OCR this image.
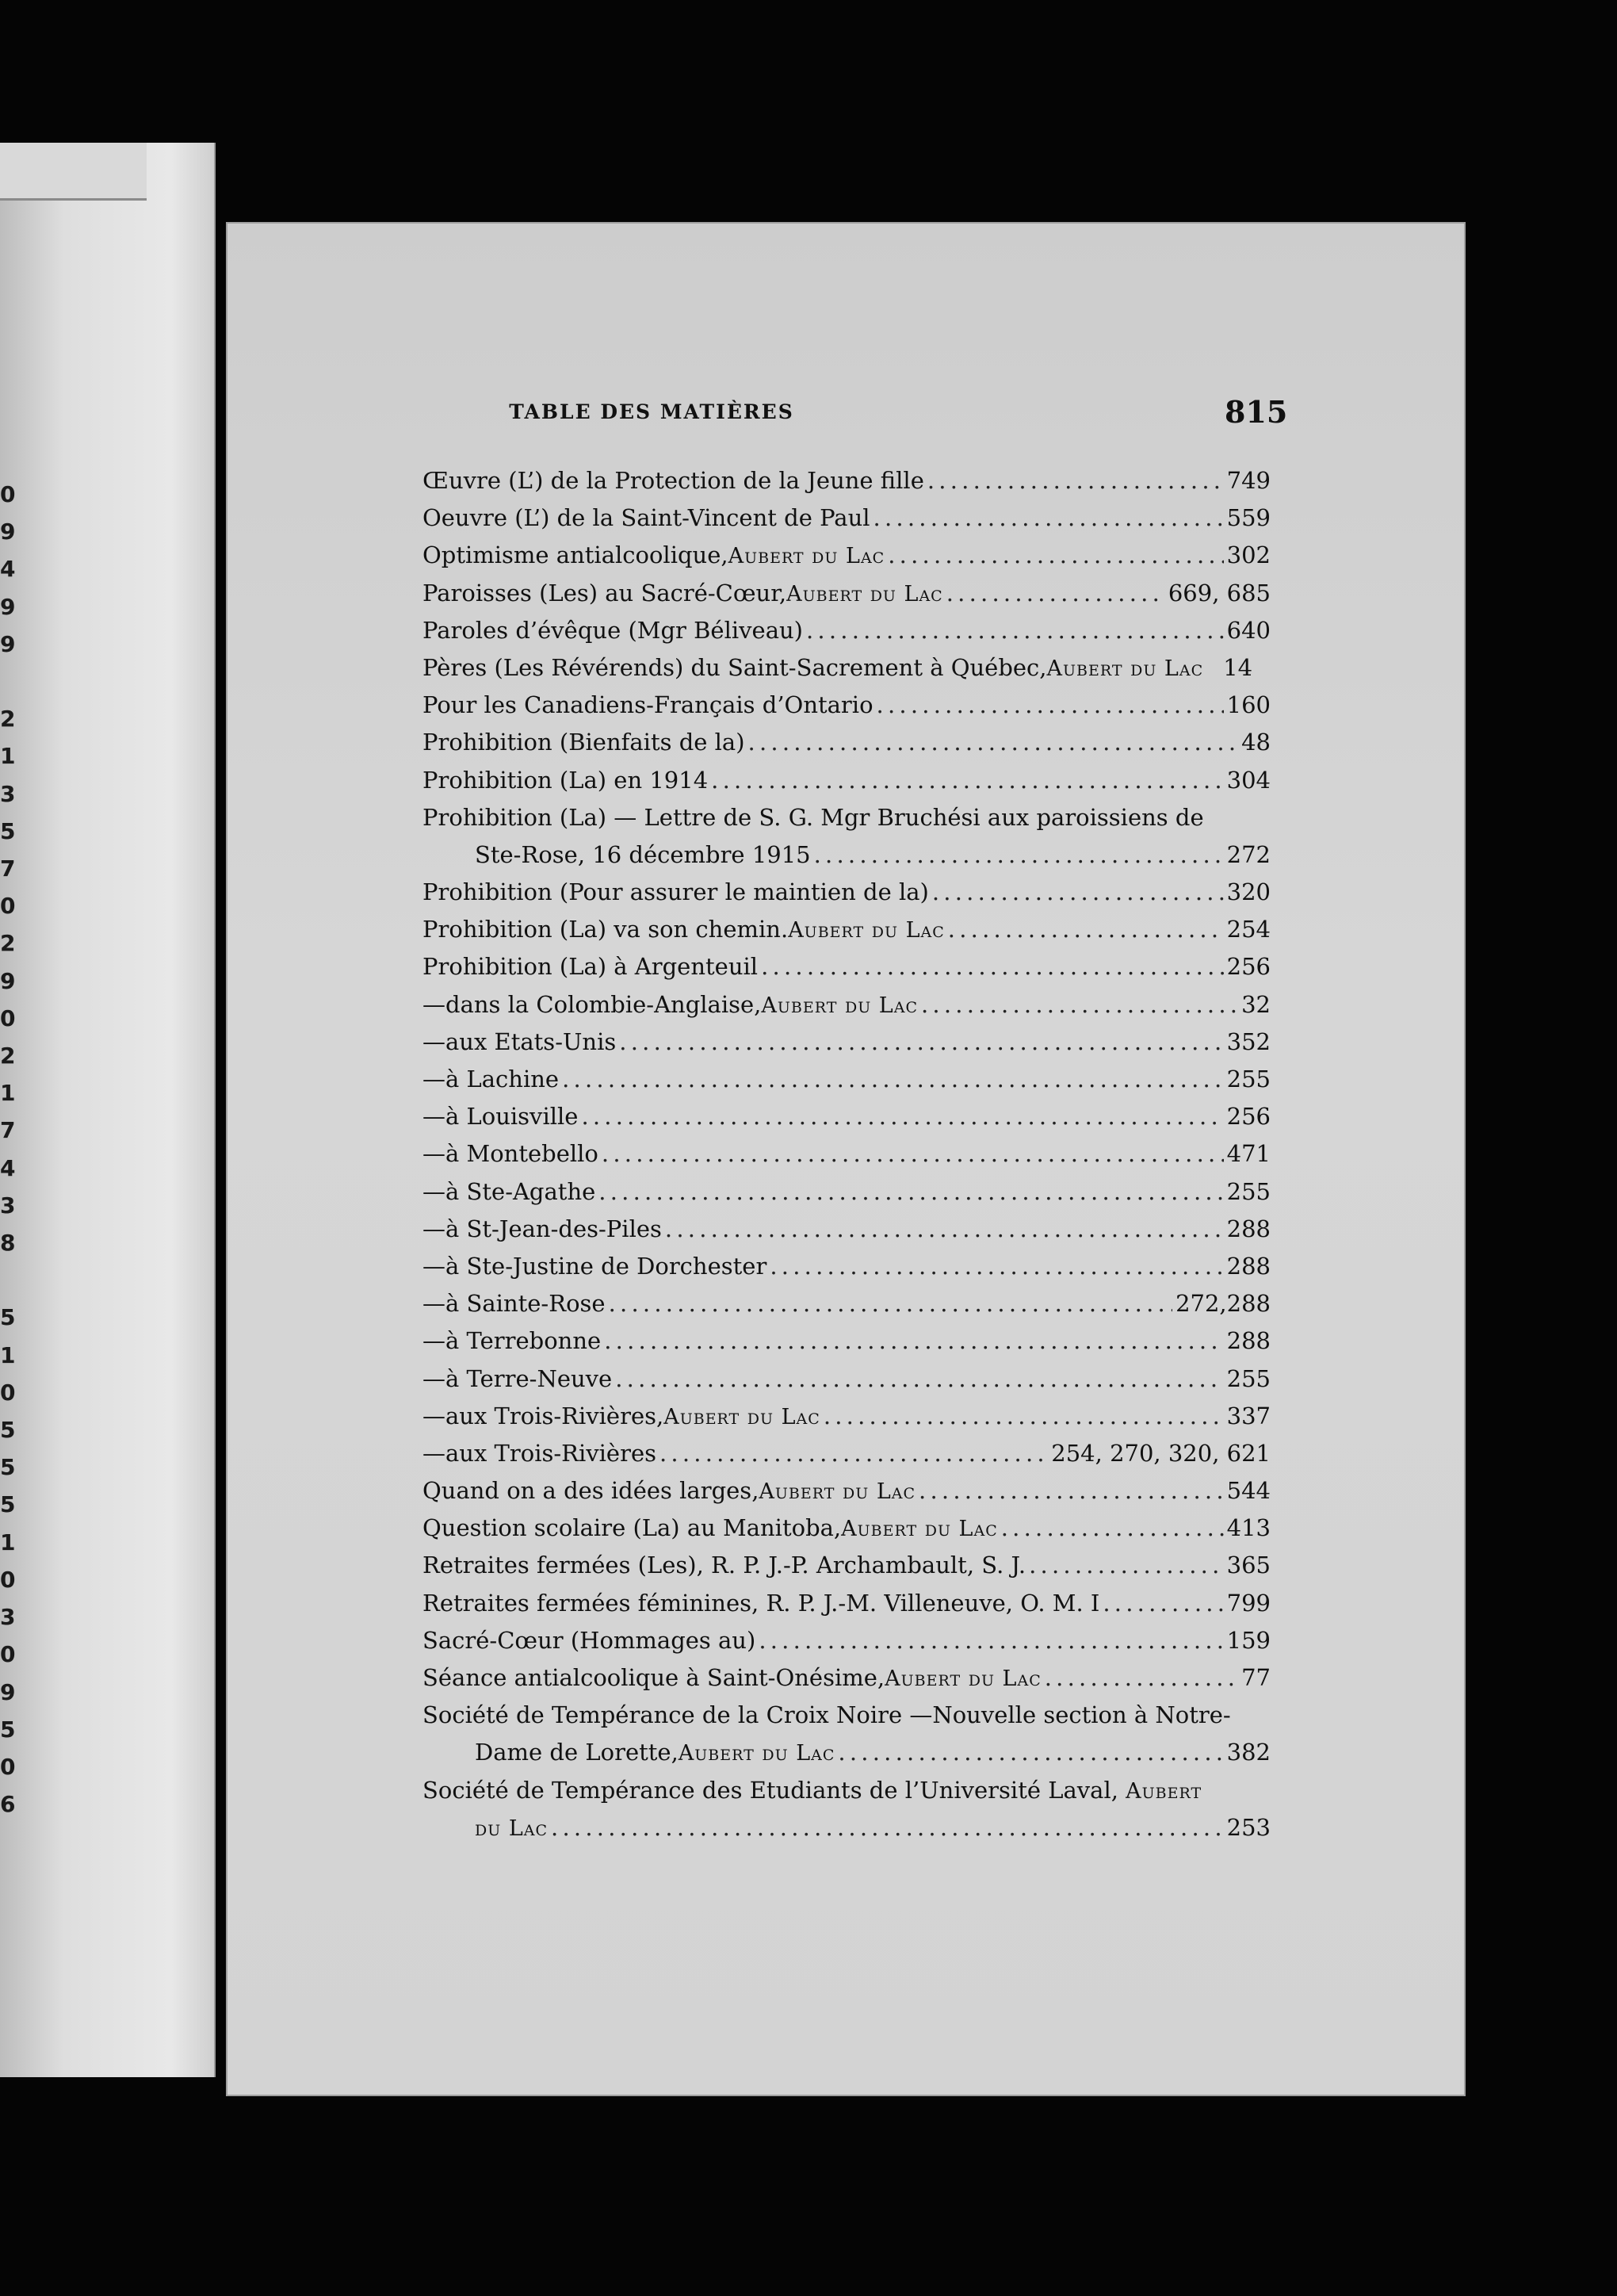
0
9
4
9
9

2
1
3
5
7
0
2
9
0
2
1
7
4
3
8

5
1
0
5
5
5
1
0
3
0
9
5
0
6
TABLE DES MATIÈRES	815
Œuvre (L’) de la Protection de la Jeune fille . . .	749
Oeuvre (L’) de la Saint-Vincent de Paul . . .	559
Optimisme antialcoolique, Aubert du Lac . . .	302
Paroisses (Les) au Sacré-Cœur, Aubert du Lac . . .	669, 685
Paroles d’évêque (Mgr Béliveau) . . .	640
Pères (Les Révérends) du Saint-Sacrement à Québec, Aubert du Lac 14
Pour les Canadiens-Français d’Ontario . . .	160
Prohibition (Bienfaits de la) . . .	48
Prohibition (La) en 1914 . . .	304
Prohibition (La) — Lettre de S. G. Mgr Bruchési aux paroissiens de
Ste-Rose, 16 décembre 1915 . . .	272
Prohibition (Pour assurer le maintien de la) . . .	320
Prohibition (La) va son chemin. Aubert du Lac . . .	254
Prohibition (La) à Argenteuil . . .	256
—dans la Colombie-Anglaise, Aubert du Lac . . .	32
—aux Etats-Unis . . .	352
—à Lachine . . .	255
—à Louisville . . .	256
—à Montebello . . .	471
—à Ste-Agathe . . .	255
—à St-Jean-des-Piles . . .	288
—à Ste-Justine de Dorchester . . .	288
—à Sainte-Rose . . .	272,288
—à Terrebonne . . .	288
—à Terre-Neuve . . .	255
—aux Trois-Rivières, Aubert du Lac . . .	337
—aux Trois-Rivières . . .	254, 270, 320, 621
Quand on a des idées larges, Aubert du Lac . . .	544
Question scolaire (La) au Manitoba, Aubert du Lac . . .	413
Retraites fermées (Les), R. P. J.-P. Archambault, S. J. . . .	365
Retraites fermées féminines, R. P. J.-M. Villeneuve, O. M. I . . .	799
Sacré-Cœur (Hommages au) . . .	159
Séance antialcoolique à Saint-Onésime, Aubert du Lac . . .	77
Société de Tempérance de la Croix Noire —Nouvelle section à Notre-
Dame de Lorette, Aubert du Lac . . .	382
Société de Tempérance des Etudiants de l’Université Laval, Aubert
du Lac . . .	253
